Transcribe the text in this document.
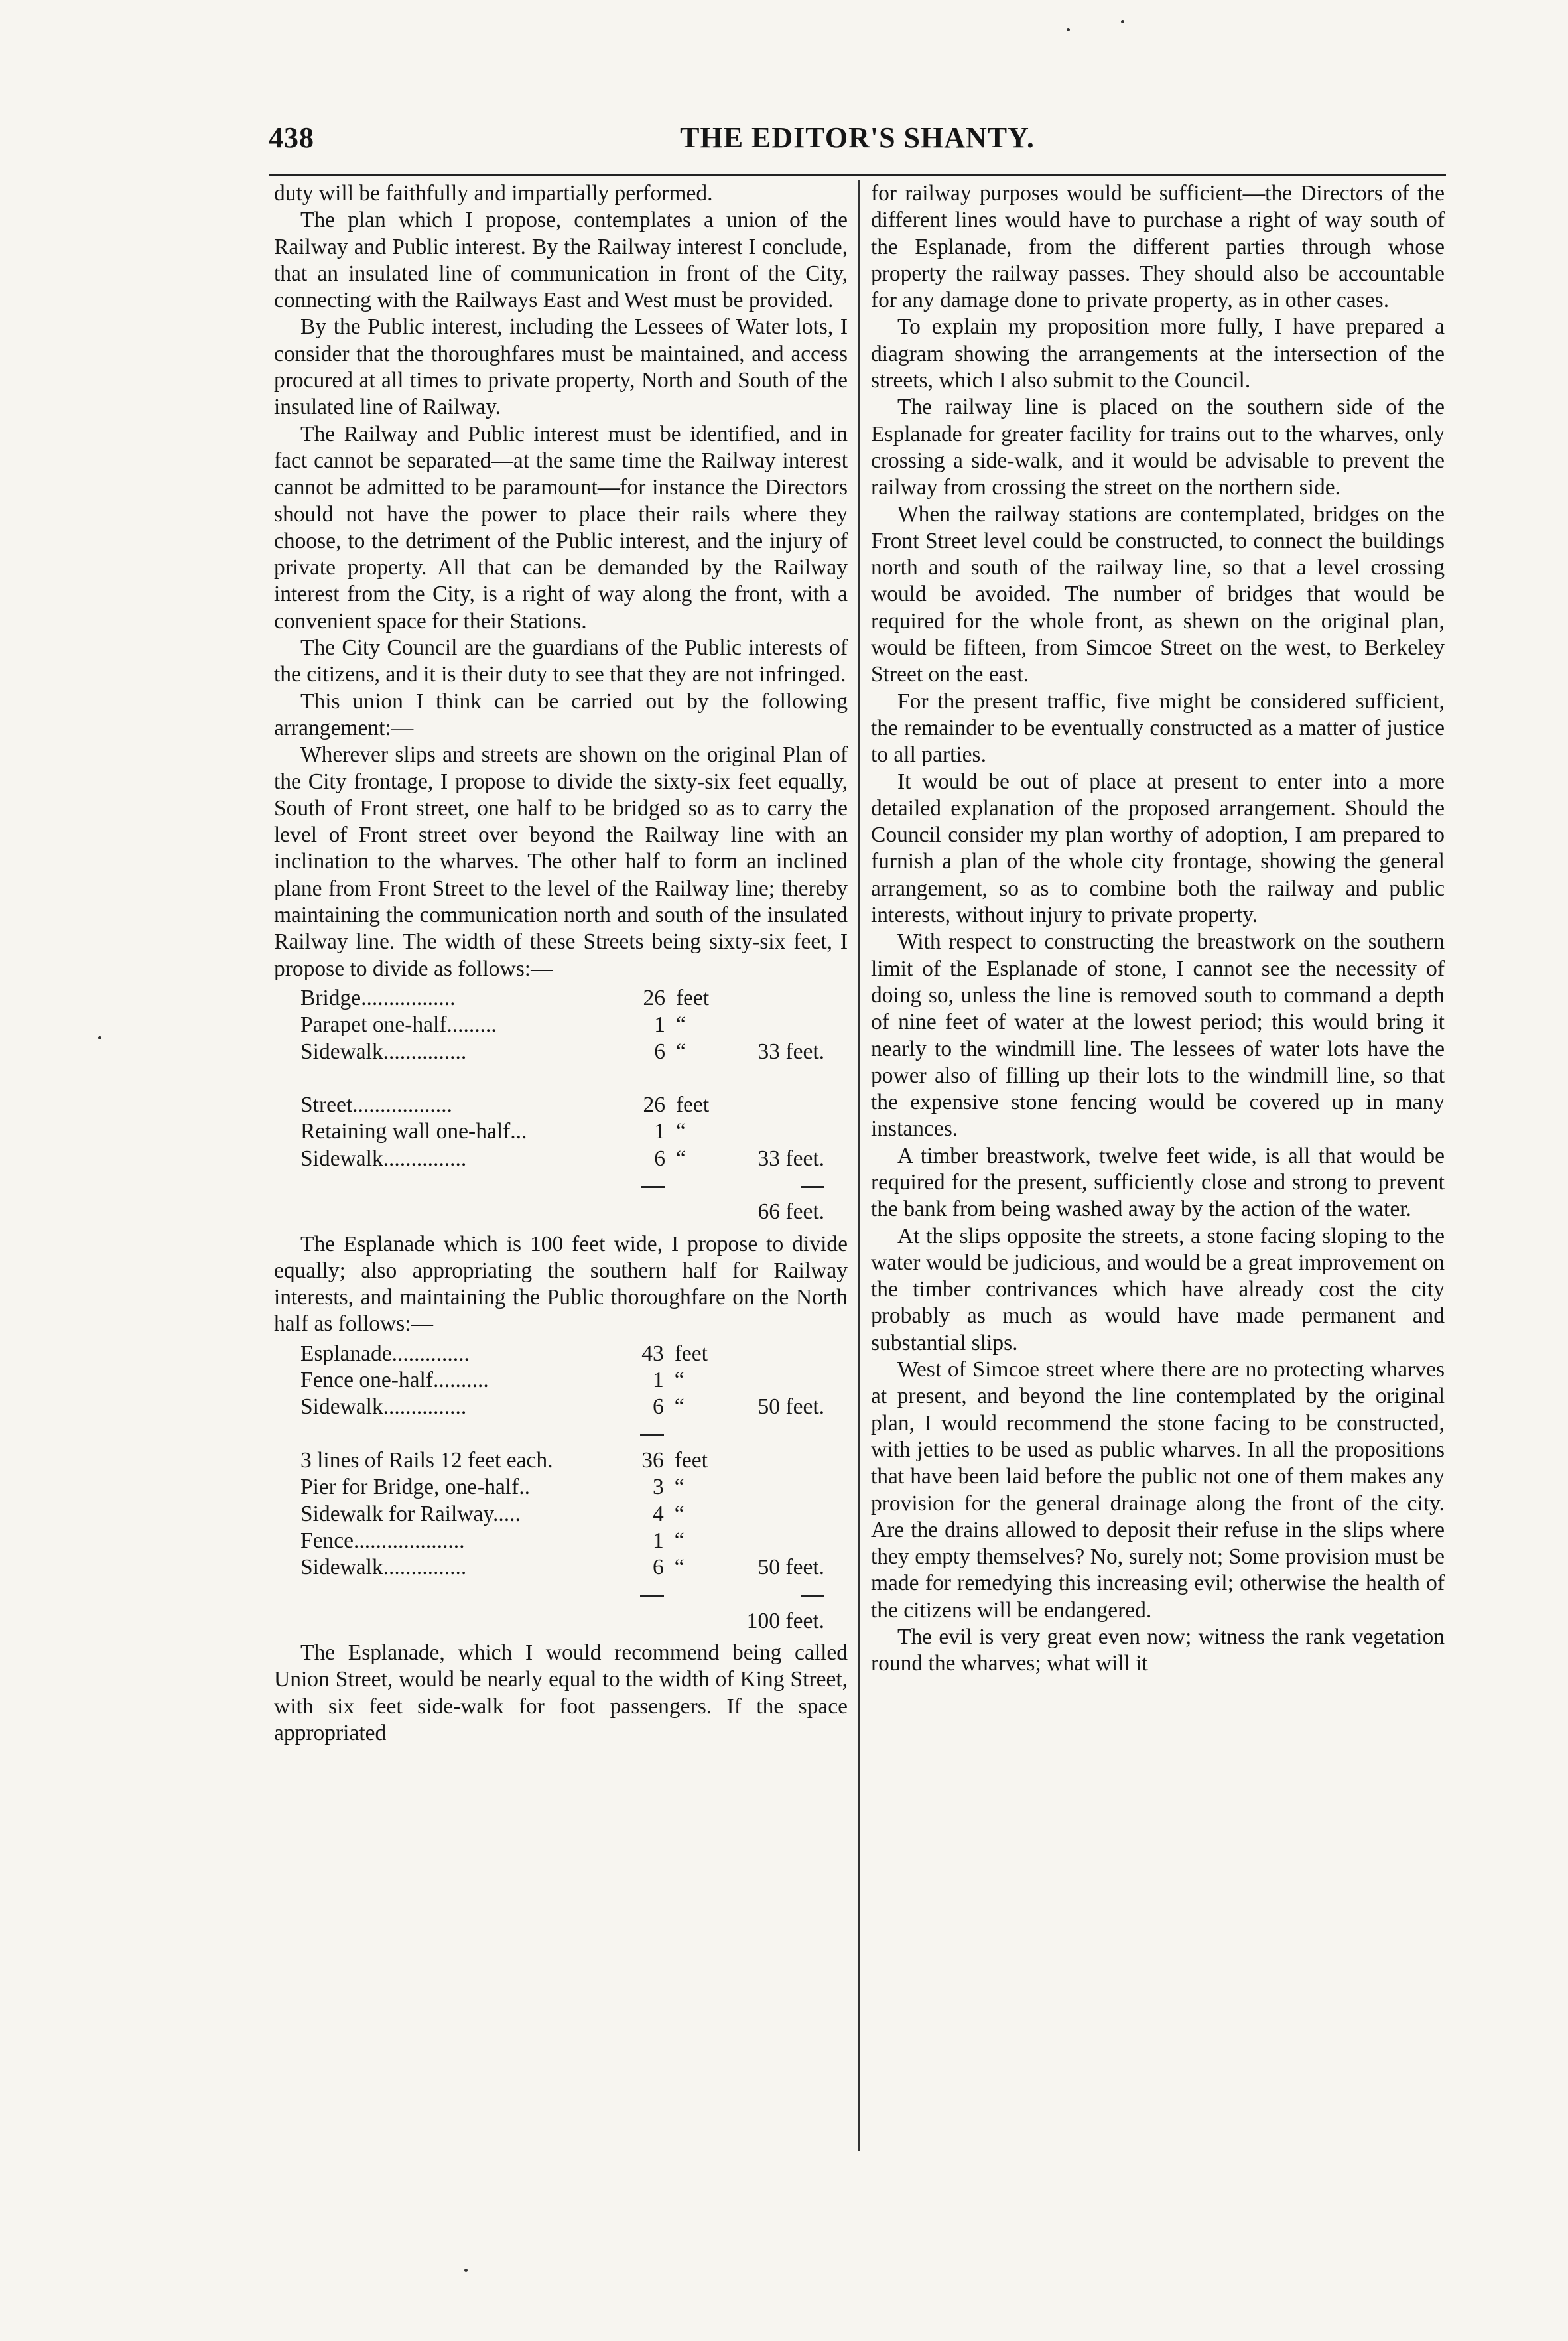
THE EDITOR'S SHANTY.
438

duty will be faithfully and impartially performed.

The plan which I propose, contemplates a union of the Railway and Public interest. By the Railway interest I conclude, that an insulated line of communication in front of the City, connecting with the Railways East and West must be provided.

By the Public interest, including the Lessees of Water lots, I consider that the thoroughfares must be maintained, and access procured at all times to private property, North and South of the insulated line of Railway.

The Railway and Public interest must be identified, and in fact cannot be separated—at the same time the Railway interest cannot be admitted to be paramount—for instance the Directors should not have the power to place their rails where they choose, to the detriment of the Public interest, and the injury of private property. All that can be demanded by the Railway interest from the City, is a right of way along the front, with a convenient space for their Stations.

The City Council are the guardians of the Public interests of the citizens, and it is their duty to see that they are not infringed.

This union I think can be carried out by the following arrangement:—

Wherever slips and streets are shown on the original Plan of the City frontage, I propose to divide the sixty-six feet equally, South of Front street, one half to be bridged so as to carry the level of Front street over beyond the Railway line with an inclination to the wharves. The other half to form an inclined plane from Front Street to the level of the Railway line; thereby maintaining the communication north and south of the insulated Railway line. The width of these Streets being sixty-six feet, I propose to divide as follows:—

Bridge.................	26	feet	
Parapet one-half.........	1	“	
Sidewalk...............	6	“	33 feet.

Street..................	26	feet	
Retaining wall one-half...	1	“	
Sidewalk...............	6	“	33 feet.

			66 feet.

The Esplanade which is 100 feet wide, I propose to divide equally; also appropriating the southern half for Railway interests, and maintaining the Public thoroughfare on the North half as follows:—

Esplanade..............	43	feet	
Fence one-half..........	1	“	
Sidewalk...............	6	“	50 feet.

3 lines of Rails 12 feet each.	36	feet	
Pier for Bridge, one-half..	3	“	
Sidewalk for Railway.....	4	“	
Fence....................	1	“	
Sidewalk...............	6	“	50 feet.

			100 feet.

The Esplanade, which I would recommend being called Union Street, would be nearly equal to the width of King Street, with six feet side-walk for foot passengers. If the space appropriated

for railway purposes would be sufficient—the Directors of the different lines would have to purchase a right of way south of the Esplanade, from the different parties through whose property the railway passes. They should also be accountable for any damage done to private property, as in other cases.

To explain my proposition more fully, I have prepared a diagram showing the arrangements at the intersection of the streets, which I also submit to the Council.

The railway line is placed on the southern side of the Esplanade for greater facility for trains out to the wharves, only crossing a side-walk, and it would be advisable to prevent the railway from crossing the street on the northern side.

When the railway stations are contemplated, bridges on the Front Street level could be constructed, to connect the buildings north and south of the railway line, so that a level crossing would be avoided. The number of bridges that would be required for the whole front, as shewn on the original plan, would be fifteen, from Simcoe Street on the west, to Berkeley Street on the east.

For the present traffic, five might be considered sufficient, the remainder to be eventually constructed as a matter of justice to all parties.

It would be out of place at present to enter into a more detailed explanation of the proposed arrangement. Should the Council consider my plan worthy of adoption, I am prepared to furnish a plan of the whole city frontage, showing the general arrangement, so as to combine both the railway and public interests, without injury to private property.

With respect to constructing the breastwork on the southern limit of the Esplanade of stone, I cannot see the necessity of doing so, unless the line is removed south to command a depth of nine feet of water at the lowest period; this would bring it nearly to the windmill line. The lessees of water lots have the power also of filling up their lots to the windmill line, so that the expensive stone fencing would be covered up in many instances.

A timber breastwork, twelve feet wide, is all that would be required for the present, sufficiently close and strong to prevent the bank from being washed away by the action of the water.

At the slips opposite the streets, a stone facing sloping to the water would be judicious, and would be a great improvement on the timber contrivances which have already cost the city probably as much as would have made permanent and substantial slips.

West of Simcoe street where there are no protecting wharves at present, and beyond the line contemplated by the original plan, I would recommend the stone facing to be constructed, with jetties to be used as public wharves. In all the propositions that have been laid before the public not one of them makes any provision for the general drainage along the front of the city. Are the drains allowed to deposit their refuse in the slips where they empty themselves? No, surely not; Some provision must be made for remedying this increasing evil; otherwise the health of the citizens will be endangered.

The evil is very great even now; witness the rank vegetation round the wharves; what will it
